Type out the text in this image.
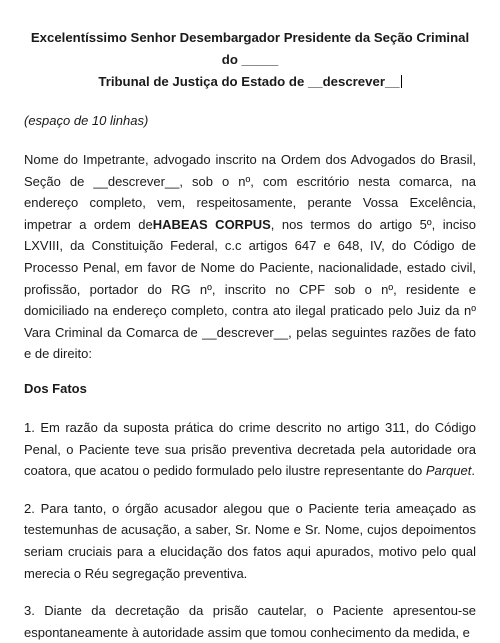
Excelentíssimo Senhor Desembargador Presidente da Seção Criminal do _____
Tribunal de Justiça do Estado de __descrever__
(espaço de 10 linhas)

Nome do Impetrante, advogado inscrito na Ordem dos Advogados do Brasil, Seção de __descrever__, sob o nº, com escritório nesta comarca, na endereço completo, vem, respeitosamente, perante Vossa Excelência, impetrar a ordem deHABEAS CORPUS, nos termos do artigo 5º, inciso LXVIII, da Constituição Federal, c.c artigos 647 e 648, IV, do Código de Processo Penal, em favor de Nome do Paciente, nacionalidade, estado civil, profissão, portador do RG nº, inscrito no CPF sob o nº, residente e domiciliado na endereço completo, contra ato ilegal praticado pelo Juiz da nº Vara Criminal da Comarca de __descrever__, pelas seguintes razões de fato e de direito:

Dos Fatos

1. Em razão da suposta prática do crime descrito no artigo 311, do Código Penal, o Paciente teve sua prisão preventiva decretada pela autoridade ora coatora, que acatou o pedido formulado pelo ilustre representante do Parquet.

2. Para tanto, o órgão acusador alegou que o Paciente teria ameaçado as testemunhas de acusação, a saber, Sr. Nome e Sr. Nome, cujos depoimentos seriam cruciais para a elucidação dos fatos aqui apurados, motivo pelo qual merecia o Réu segregação preventiva.

3. Diante da decretação da prisão cautelar, o Paciente apresentou-se espontaneamente à autoridade assim que tomou conhecimento da medida, e
